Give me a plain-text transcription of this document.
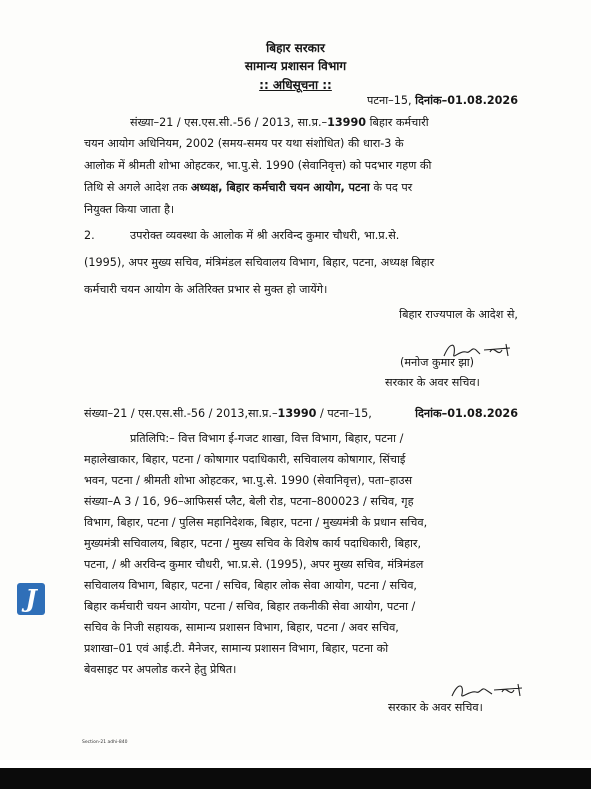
बिहार सरकार
सामान्य प्रशासन विभाग
:: अधिसूचना ::
पटना–15, दिनांक–01.08.2026
संख्या–21 / एस.एस.सी.-56 / 2013, सा.प्र.–13990 बिहार कर्मचारी
चयन आयोग अधिनियम, 2002 (समय-समय पर यथा संशोधित) की धारा-3 के
आलोक में श्रीमती शोभा ओहटकर, भा.पु.से. 1990 (सेवानिवृत्त) को पदभार गहण की
तिथि से अगले आदेश तक अध्यक्ष, बिहार कर्मचारी चयन आयोग, पटना के पद पर
नियुक्त किया जाता है।
2.	उपरोक्त व्यवस्था के आलोक में श्री अरविन्द कुमार चौधरी, भा.प्र.से.
(1995), अपर मुख्य सचिव, मंत्रिमंडल सचिवालय विभाग, बिहार, पटना, अध्यक्ष बिहार
कर्मचारी चयन आयोग के अतिरिक्त प्रभार से मुक्त हो जायेंगे।
बिहार राज्यपाल के आदेश से,
(मनोज कुमार झा)
सरकार के अवर सचिव।
संख्या–21 / एस.एस.सी.-56 / 2013,सा.प्र.–13990 / पटना–15,	दिनांक–01.08.2026
प्रतिलिपि:– वित्त विभाग ई-गजट शाखा, वित्त विभाग, बिहार, पटना /
महालेखाकार, बिहार, पटना / कोषागार पदाधिकारी, सचिवालय कोषागार, सिंचाई
भवन, पटना / श्रीमती शोभा ओहटकर, भा.पु.से. 1990 (सेवानिवृत्त), पता–हाउस
संख्या–A 3 / 16, 96–आफिसर्स प्लैट, बेली रोड, पटना–800023 / सचिव, गृह
विभाग, बिहार, पटना / पुलिस महानिदेशक, बिहार, पटना / मुख्यमंत्री के प्रधान सचिव,
मुख्यमंत्री सचिवालय, बिहार, पटना / मुख्य सचिव के विशेष कार्य पदाधिकारी, बिहार,
पटना, / श्री अरविन्द कुमार चौधरी, भा.प्र.से. (1995), अपर मुख्य सचिव, मंत्रिमंडल
सचिवालय विभाग, बिहार, पटना / सचिव, बिहार लोक सेवा आयोग, पटना / सचिव,
बिहार कर्मचारी चयन आयोग, पटना / सचिव, बिहार तकनीकी सेवा आयोग, पटना /
सचिव के निजी सहायक, सामान्य प्रशासन विभाग, बिहार, पटना / अवर सचिव,
प्रशाखा–01 एवं आई.टी. मैनेजर, सामान्य प्रशासन विभाग, बिहार, पटना को
बेवसाइट पर अपलोड करने हेतु प्रेषित।
सरकार के अवर सचिव।
Section-21 adhi-840
J
